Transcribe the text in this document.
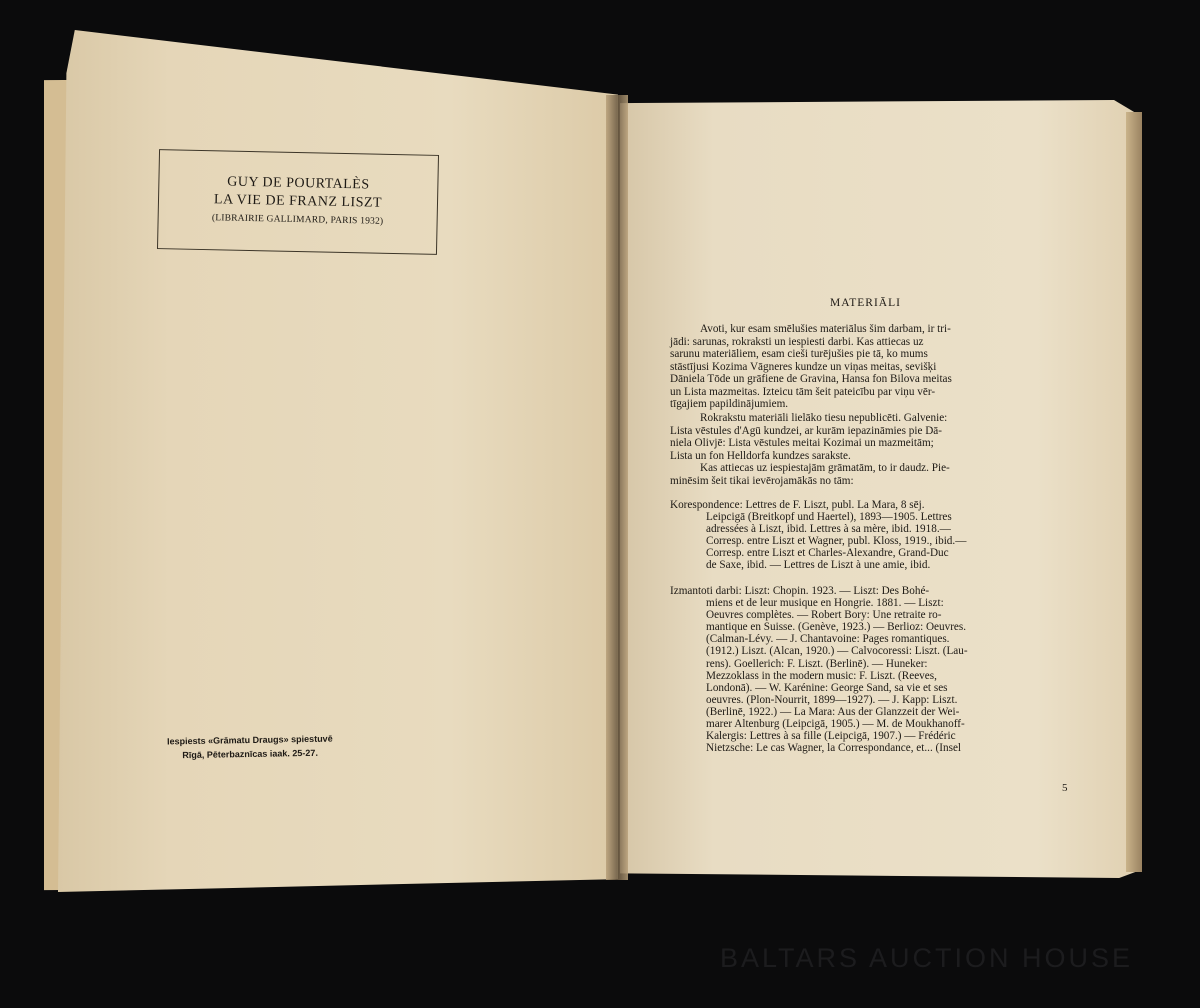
GUY DE POURTALÈS
LA VIE DE FRANZ LISZT
(LIBRAIRIE GALLIMARD, PARIS 1932)
Iespiests «Grāmatu Draugs» spiestuvē
Rīgā, Pēterbaznīcas iaak. 25-27.
MATERIĀLI
Avoti, kur esam smēlušies materiālus šim darbam, ir tri-
jādi: sarunas, rokraksti un iespiesti darbi. Kas attiecas uz
sarunu materiāliem, esam cieši turējušies pie tā, ko mums
stāstījusi Kozima Vāgneres kundze un viņas meitas, sevišķi
Dāniela Tōde un grāfiene de Gravina, Hansa fon Bilova meitas
un Lista mazmeitas. Izteicu tām šeit pateicību par viņu vēr-
tīgajiem papildinājumiem.
Rokrakstu materiāli lielāko tiesu nepublicēti. Galvenie:
Lista vēstules d'Agū kundzei, ar kurām iepazināmies pie Dā-
niela Olivjē: Lista vēstules meitai Kozimai un mazmeitām;
Lista un fon Helldorfa kundzes sarakste.
Kas attiecas uz iespiestajām grāmatām, to ir daudz. Pie-
minēsim šeit tikai ievērojamākās no tām:
Korespondence: Lettres de F. Liszt, publ. La Mara, 8 sēj.
Leipcigā (Breitkopf und Haertel), 1893—1905. Lettres
adressées à Liszt, ibid. Lettres à sa mère, ibid. 1918.—
Corresp. entre Liszt et Wagner, publ. Kloss, 1919., ibid.—
Corresp. entre Liszt et Charles-Alexandre, Grand-Duc
de Saxe, ibid. — Lettres de Liszt à une amie, ibid.
Izmantoti darbi: Liszt: Chopin. 1923. — Liszt: Des Bohé-
miens et de leur musique en Hongrie. 1881. — Liszt:
Oeuvres complètes. — Robert Bory: Une retraite ro-
mantique en Suisse. (Genève, 1923.) — Berlioz: Oeuvres.
(Calman-Lévy. — J. Chantavoine: Pages romantiques.
(1912.) Liszt. (Alcan, 1920.) — Calvocoressi: Liszt. (Lau-
rens). Goellerich: F. Liszt. (Berlinē). — Huneker:
Mezzoklass in the modern music: F. Liszt. (Reeves,
Londonā). — W. Karénine: George Sand, sa vie et ses
oeuvres. (Plon-Nourrit, 1899—1927). — J. Kapp: Liszt.
(Berlinē, 1922.) — La Mara: Aus der Glanzzeit der Wei-
marer Altenburg (Leipcigā, 1905.) — M. de Moukhanoff-
Kalergis: Lettres à sa fille (Leipcigā, 1907.) — Frédéric
Nietzsche: Le cas Wagner, la Correspondance, et... (Insel
5
BALTARS AUCTION HOUSE
